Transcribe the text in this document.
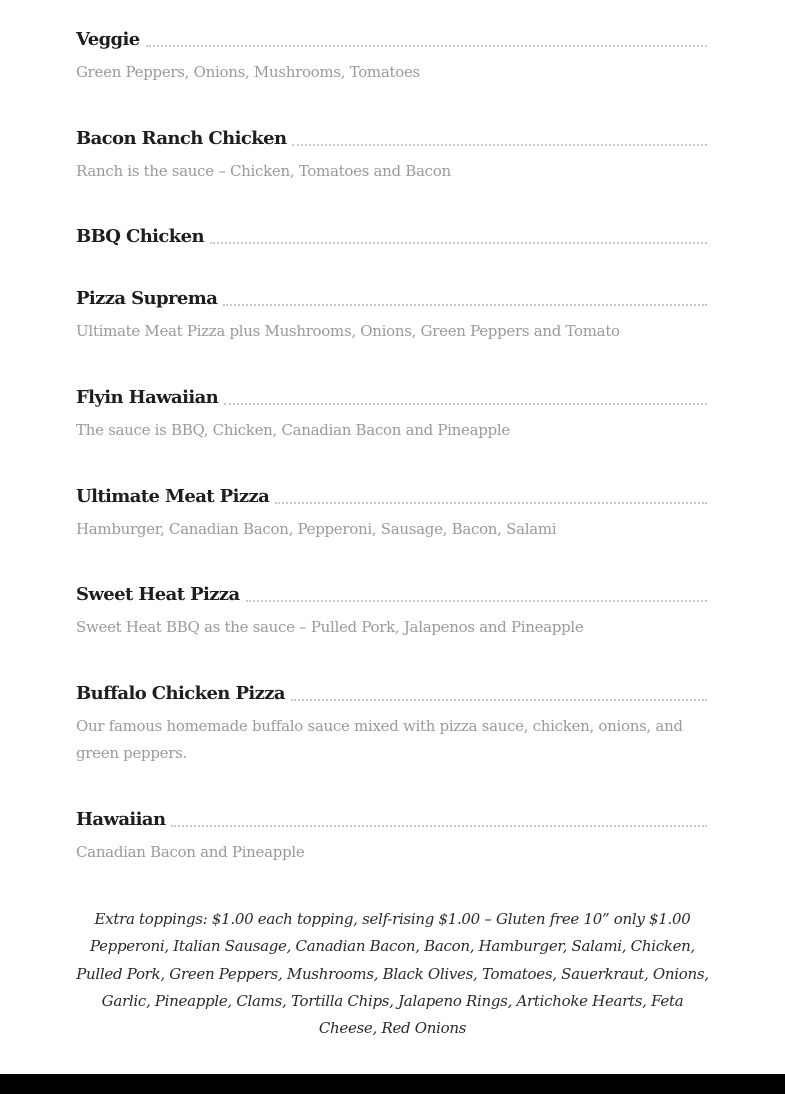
Veggie
Green Peppers, Onions, Mushrooms, Tomatoes
Bacon Ranch Chicken
Ranch is the sauce – Chicken, Tomatoes and Bacon
BBQ Chicken
Pizza Suprema
Ultimate Meat Pizza plus Mushrooms, Onions, Green Peppers and Tomato
Flyin Hawaiian
The sauce is BBQ, Chicken, Canadian Bacon and Pineapple
Ultimate Meat Pizza
Hamburger, Canadian Bacon, Pepperoni, Sausage, Bacon, Salami
Sweet Heat Pizza
Sweet Heat BBQ as the sauce – Pulled Pork, Jalapenos and Pineapple
Buffalo Chicken Pizza
Our famous homemade buffalo sauce mixed with pizza sauce, chicken, onions, and green peppers.
Hawaiian
Canadian Bacon and Pineapple
Extra toppings: $1.00 each topping, self-rising $1.00 – Gluten free 10” only $1.00 Pepperoni, Italian Sausage, Canadian Bacon, Bacon, Hamburger, Salami, Chicken, Pulled Pork, Green Peppers, Mushrooms, Black Olives, Tomatoes, Sauerkraut, Onions, Garlic, Pineapple, Clams, Tortilla Chips, Jalapeno Rings, Artichoke Hearts, Feta Cheese, Red Onions
